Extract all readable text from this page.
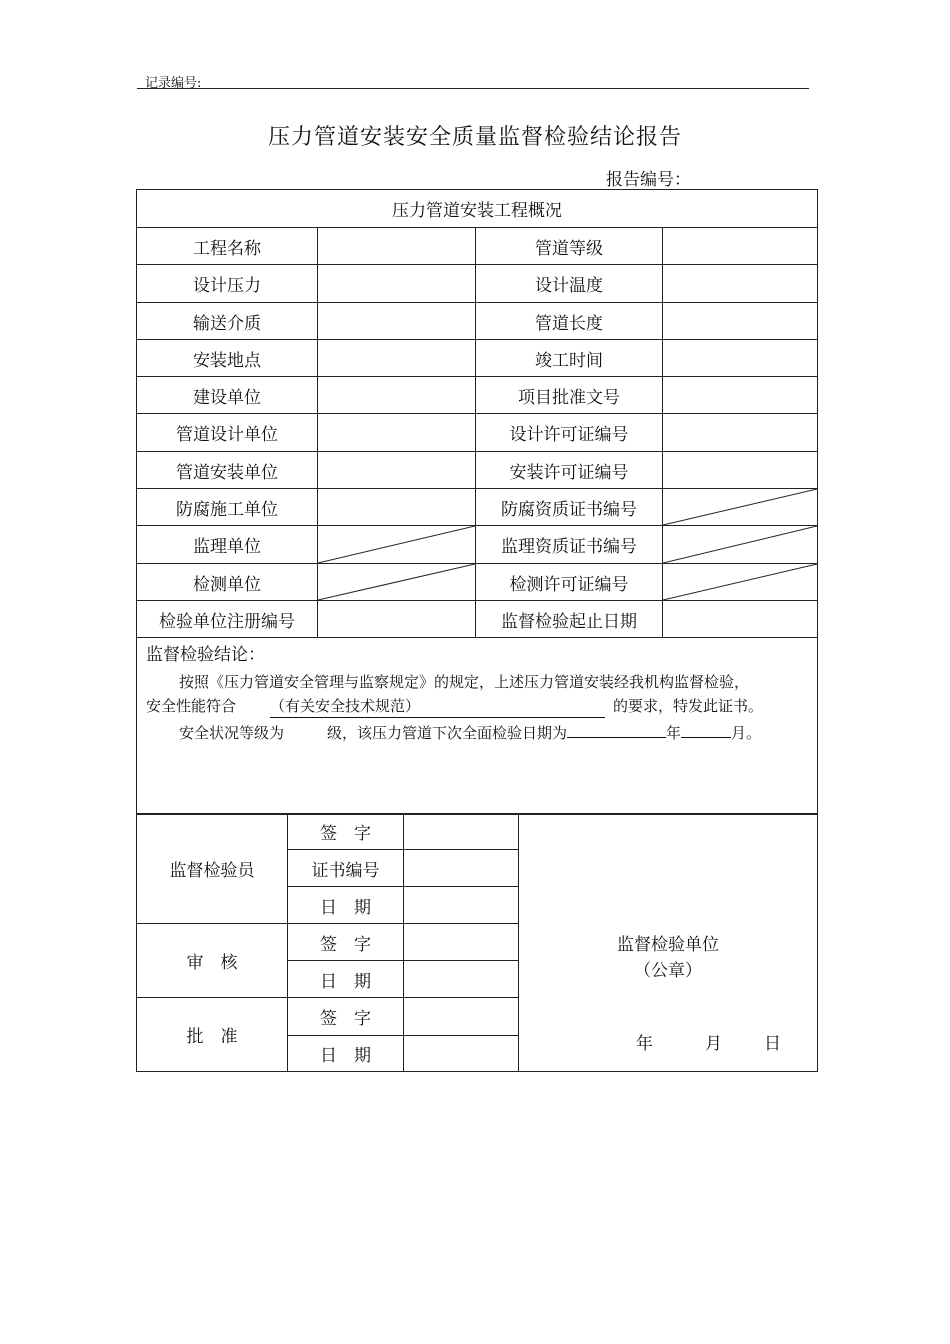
记录编号:
压力管道安装安全质量监督检验结论报告
报告编号：
压力管道安装工程概况			
工程名称		管道等级	
设计压力		设计温度	
输送介质		管道长度	
安装地点		竣工时间	
建设单位		项目批准文号	
管道设计单位		设计许可证编号	
管道安装单位		安装许可证编号	
防腐施工单位		防腐资质证书编号	

监理单位		监理资质证书编号	

检测单位		检测许可证编号	

检验单位注册编号		监督检验起止日期	

监督检验结论：
按照《压力管道安全管理与监察规定》的规定，上述压力管道安装经我机构监督检验，
安全性能符合 （有关安全技术规范） 的要求，特发此证书。
安全状况等级为 级，该压力管道下次全面检验日期为 年 月。			
监督检验员	签　字		监督检验单位
（公章）
年 月 日

	证书编号		
	日　期		
审　核	签　字		
	日　期		
批　准	签　字		
	日　期		
